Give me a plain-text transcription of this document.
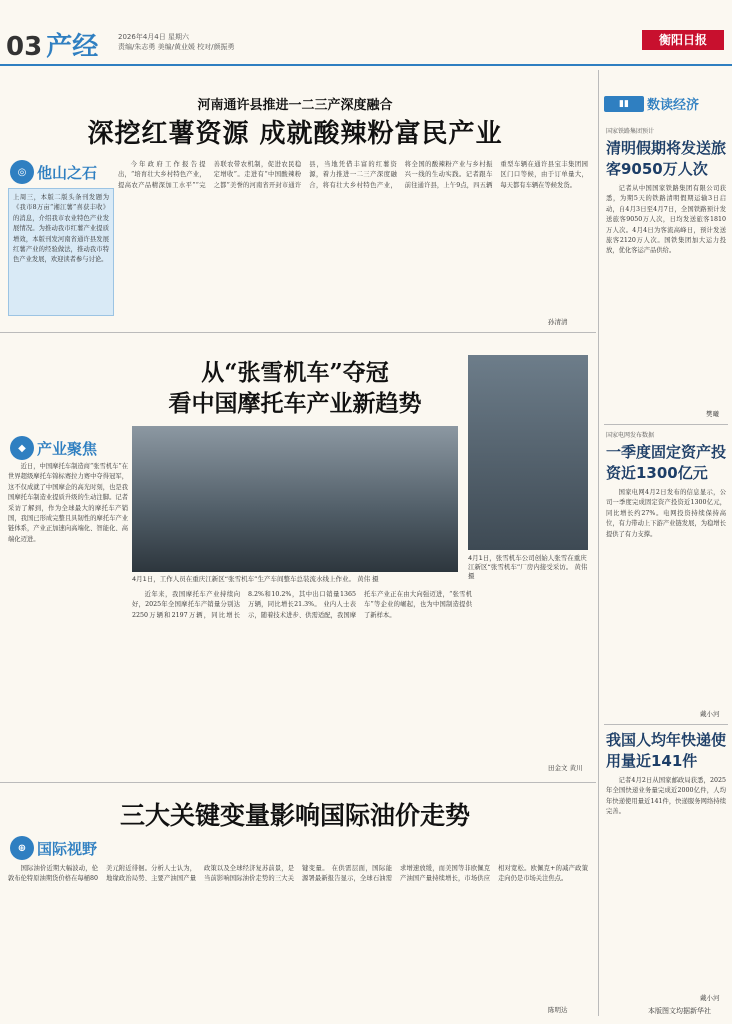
03 产经	2026年4月4日 星期六
责编/朱志勇 美编/黄业媛 校对/颜振勇	衡阳日报
河南通许县推进一二三产深度融合
深挖红薯资源 成就酸辣粉富民产业
◎ 他山之石
上周三，本版二版头条刊发题为《我市8万亩“湘江薯”喜获丰收》的消息，介绍我市农业特色产业发展情况。为推动我市红薯产业提质增效，本版刊发河南省通许县发展红薯产业的经验做法，推动我市特色产业发展，欢迎读者参与讨论。
今年政府工作报告提出，“培育壮大乡村特色产业，提高农产品精深加工水平”“完善联农带农机制，促进农民稳定增收”。走进有“中国酸辣粉之都”美誉的河南省开封市通许县，当地凭借丰富的红薯资源，着力推进一二三产深度融合，将有壮大乡村特色产业，将全国的酸辣粉产业与乡村振兴一线的生动实践。记者跟车前往通许县，上午9点，四五辆重型车辆在通许县宝丰集团园区门口等候，由于订单量大，每天都有车辆在等候发货。
孙清清
从“张雪机车”夺冠
看中国摩托车产业新趋势
4月1日，张雪机车公司创始人张雪在重庆江新区“张雪机车”厂房内接受采访。 黄伟 摄
◆ 产业聚焦
近日，中国摩托车制造商“张雪机车”在世界超级摩托车锦标赛拉力赛中夺得冠军，这不仅成就了中国摩企的高光时刻，也是我国摩托车制造业提质升级的生动注脚。记者采访了解到，作为全球最大的摩托车产销国，我国已形成完整且具韧性的摩托车产业链体系，产业正加速向高端化、智能化、高端化迈进。
4月1日，工作人员在重庆江新区“张雪机车”生产车间整车总装流水线上作业。 黄伟 摄
近年来，我国摩托车产业持续向好，2025年全国摩托车产销量分别达2250万辆和2197万辆，同比增长8.2%和10.2%，其中出口销量1365万辆，同比增长21.3%。 业内人士表示，随着技术进步、供需适配，我国摩托车产业正在由大向强迈进，“张雪机车”等企业的崛起，也为中国制造提供了新样本。
田金文 黄川
三大关键变量影响国际油价走势
⊕ 国际视野
国际油价近期大幅波动，伦敦布伦特原油期货价格在每桶80美元附近徘徊。分析人士认为，地缘政治局势、主要产油国产量政策以及全球经济复苏前景，是当前影响国际油价走势的三大关键变量。 在供需层面，国际能源署最新报告显示，全球石油需求增速放缓，而美国等非欧佩克产油国产量持续增长，市场供应相对宽松。欧佩克+的减产政策走向仍是市场关注焦点。
陈明达
▮▮	数读经济
国家铁路集团预计
清明假期将发送旅客9050万人次
记者从中国国家铁路集团有限公司获悉，为期5天的铁路清明假期运输3日启动，自4月3日至4月7日，全国铁路预计发送旅客9050万人次，日均发送旅客1810万人次。4月4日为客流高峰日，预计发送旅客2120万人次。国铁集团加大运力投放，优化客运产品供给。
樊曦
国家电网发布数据
一季度固定资产投资近1300亿元
国家电网4月2日发布的信息显示，公司一季度完成固定资产投资近1300亿元，同比增长约27%。电网投资持续保持高位，有力带动上下游产业链发展，为稳增长提供了有力支撑。
戴小河
我国人均年快递使用量近141件
记者4月2日从国家邮政局获悉，2025年全国快递业务量完成近2000亿件，人均年快递使用量近141件，快递服务网络持续完善。
戴小河
本版图文均据新华社
